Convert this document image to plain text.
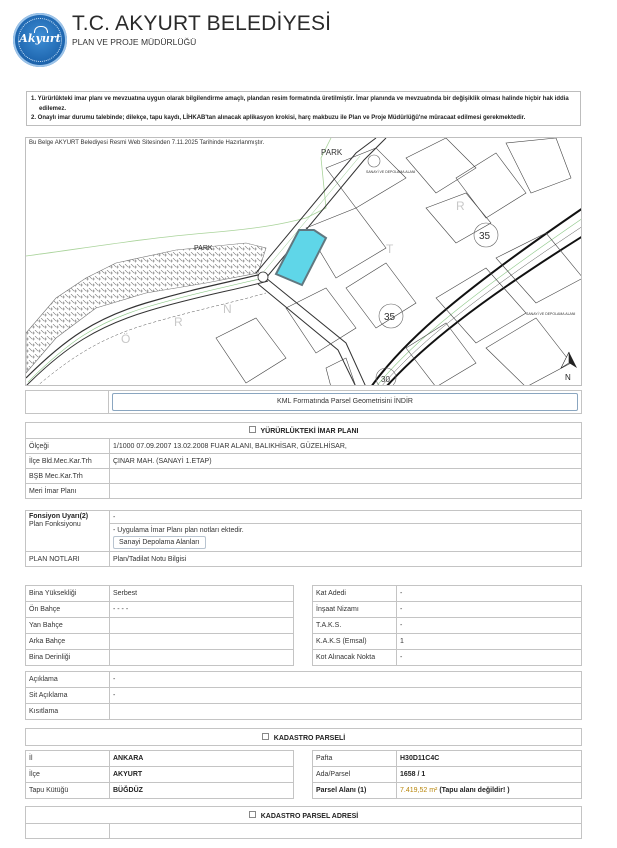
Akyurt
T.C. AKYURT BELEDİYESİ
PLAN VE PROJE MÜDÜRLÜĞÜ

1. Yürürlükteki imar planı ve mevzuatına uygun olarak bilgilendirme amaçlı, plandan resim formatında üretilmiştir. İmar planında ve mevzuatında bir değişiklik olması halinde hiçbir hak iddia

edilemez.

2. Onaylı imar durumu talebinde; dilekçe, tapu kaydı, LİHKAB'tan alınacak aplikasyon krokisi, harç makbuzu ile Plan ve Proje Müdürlüğü'ne müracaat edilmesi gerekmektedir.

PARK
PARK
SANAYİ VE DEPOLAMA ALANI
SANAYİ VE DEPOLAMA ALANI
Ö
R
N
T
R
35
35
30	N
Bu Belge AKYURT Belediyesi Resmi Web Sitesinden 7.11.2025 Tarihinde Hazırlanmıştır.
	KML Formatında Parsel Geometrisini İNDİR
YÜRÜRLÜKTEKİ İMAR PLANI	
Ölçeği	1/1000 07.09.2007 13.02.2008 FUAR ALANI, BALIKHİSAR, GÜZELHİSAR,
İlçe Bld.Mec.Kar.Trh	ÇINAR MAH. (SANAYİ 1.ETAP)
BŞB Mec.Kar.Trh	
Meri İmar Planı	
Fonsiyon Uyarı(2)
Plan Fonksiyonu	-

	- Uygulama İmar Planı plan notları ektedir.
Sanayi Depolama Alanları
PLAN NOTLARI	Plan/Tadilat Notu Bilgisi
Bina Yüksekliği	Serbest
Ön Bahçe	- - - -
Yan Bahçe	
Arka Bahçe	
Bina Derinliği	
Kat Adedi	-
İnşaat Nizamı	-
T.A.K.S.	-
K.A.K.S (Emsal)	1
Kot Alınacak Nokta	-
Açıklama	-
Sit Açıklama	-
Kısıtlama	
KADASTRO PARSELİ
İl	ANKARA
İlçe	AKYURT
Tapu Kütüğü	BÜĞDÜZ
Pafta	H30D11C4C
Ada/Parsel	1658 / 1
Parsel Alanı (1)	7.419,52 m² (Tapu alanı değildir! )
KADASTRO PARSEL ADRESİ
